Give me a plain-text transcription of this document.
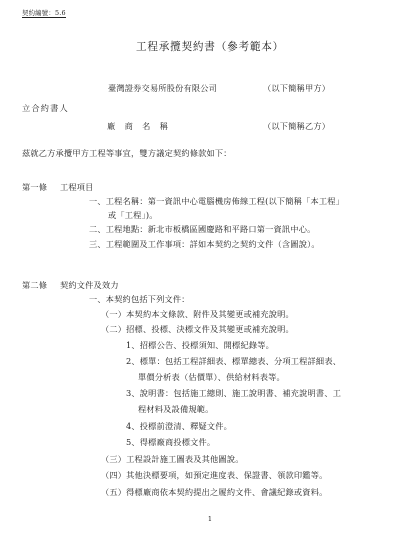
契約編號：5.6
工程承攬契約書（參考範本）
臺灣證券交易所股份有限公司	（以下簡稱甲方）
立合約書人
廠　商　名　稱	（以下簡稱乙方）
茲就乙方承攬甲方工程等事宜，雙方議定契約條款如下：
第一條 工程項目
一、工程名稱：第一資訊中心電腦機房佈線工程(以下簡稱「本工程」
或「工程」)。
二、工程地點：新北市板橋區國慶路和平路口第一資訊中心。
三、工程範圍及工作事項：詳如本契約之契約文件（含圖說）。
第二條 契約文件及效力
一、本契約包括下列文件：
（一）本契約本文條款、附件及其變更或補充說明。
（二）招標、投標、決標文件及其變更或補充說明。
1、招標公告、投標須知、開標紀錄等。
2、標單：包括工程詳細表、標單總表、分項工程詳細表、
單價分析表（估價單）、供給材料表等。
3、說明書：包括施工總則、施工說明書、補充說明書、工
程材料及設備規範。
4、投標前澄清、釋疑文件。
5、得標廠商投標文件。
（三）工程設計施工圖表及其他圖說。
（四）其他決標要項，如預定進度表、保證書、領款印鑑等。
（五）得標廠商依本契約提出之履約文件、會議紀錄或資料。
1
